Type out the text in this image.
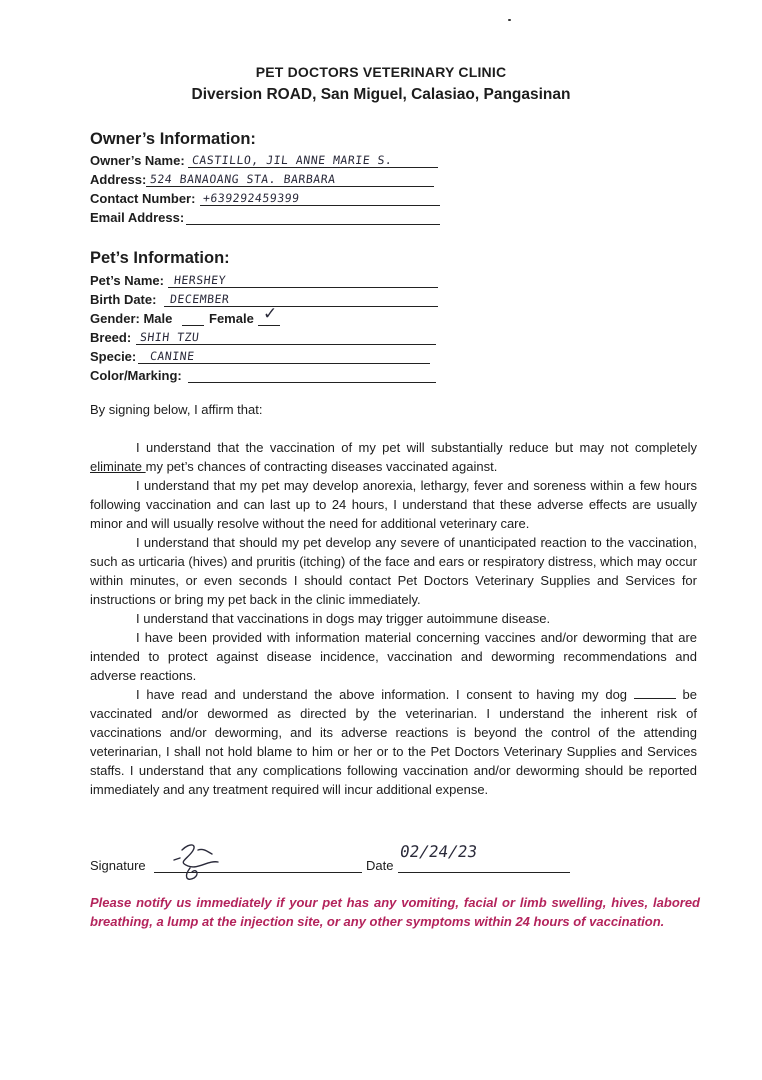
PET DOCTORS VETERINARY CLINIC
Diversion ROAD, San Miguel, Calasiao, Pangasinan
Owner’s Information:
Owner’s Name: CASTILLO, JIL ANNE MARIE S.
Address: 524 BANAOANG STA. BARBARA
Contact Number: +639292459399
Email Address:
Pet’s Information:
Pet’s Name: HERSHEY
Birth Date: DECEMBER
Gender: Male	Female ✓
Breed: SHIH TZU
Specie: CANINE
Color/Marking:
By signing below, I affirm that:

I understand that the vaccination of my pet will substantially reduce but may not completely eliminate my pet’s chances of contracting diseases vaccinated against.

I understand that my pet may develop anorexia, lethargy, fever and soreness within a few hours following vaccination and can last up to 24 hours, I understand that these adverse effects are usually minor and will usually resolve without the need for additional veterinary care.

I understand that should my pet develop any severe of unanticipated reaction to the vaccination, such as urticaria (hives) and pruritis (itching) of the face and ears or respiratory distress, which may occur within minutes, or even seconds I should contact Pet Doctors Veterinary Supplies and Services for instructions or bring my pet back in the clinic immediately.

I understand that vaccinations in dogs may trigger autoimmune disease.

I have been provided with information material concerning vaccines and/or deworming that are intended to protect against disease incidence, vaccination and deworming recommendations and adverse reactions.

I have read and understand the above information. I consent to having my dog	be vaccinated and/or dewormed as directed by the veterinarian. I understand the inherent risk of vaccinations and/or deworming, and its adverse reactions is beyond the control of the attending veterinarian, I shall not hold blame to him or her or to the Pet Doctors Veterinary Supplies and Services staffs. I understand that any complications following vaccination and/or deworming should be reported immediately and any treatment required will incur additional expense.

Signature	Date
02/24/23
Please notify us immediately if your pet has any vomiting, facial or limb swelling, hives, labored breathing, a lump at the injection site, or any other symptoms within 24 hours of vaccination.
